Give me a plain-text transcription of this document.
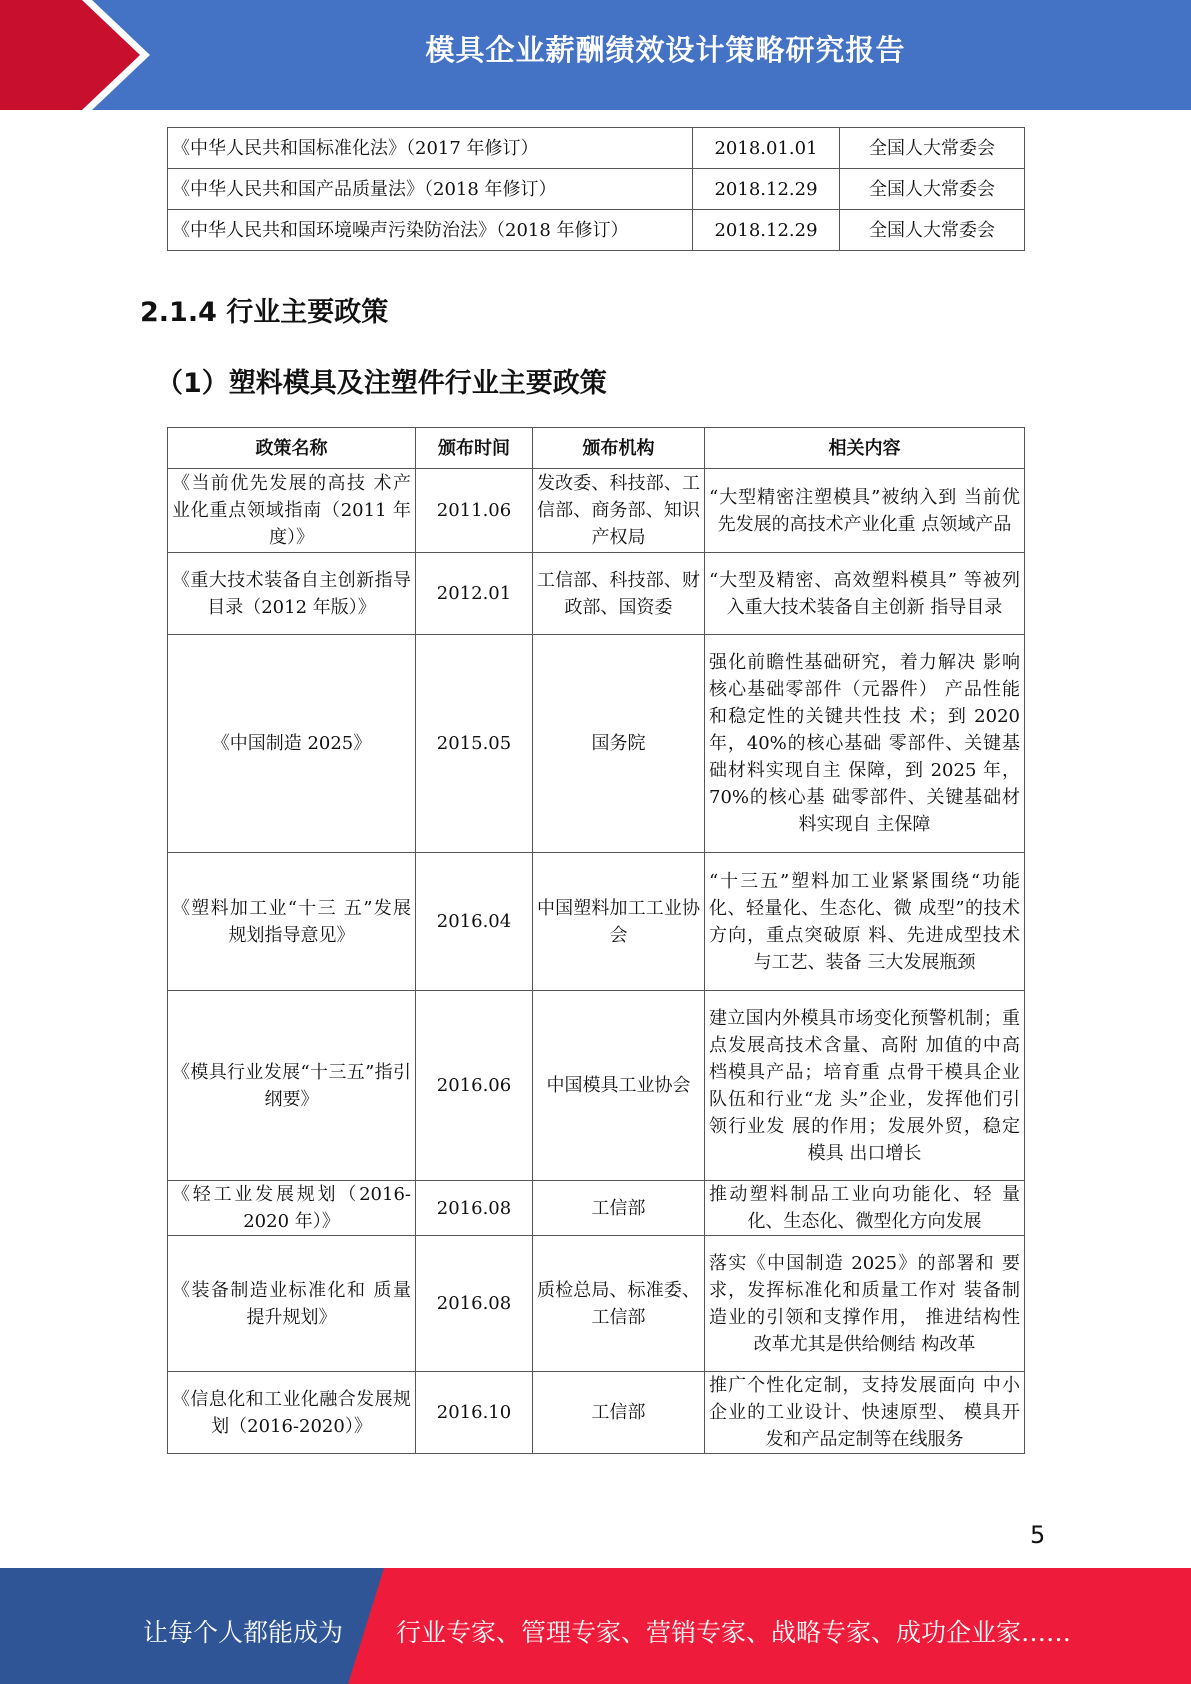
模具企业薪酬绩效设计策略研究报告
《中华人民共和国标准化法》（2017 年修订）	2018.01.01	全国人大常委会
《中华人民共和国产品质量法》（2018 年修订）	2018.12.29	全国人大常委会
《中华人民共和国环境噪声污染防治法》（2018 年修订）	2018.12.29	全国人大常委会
2.1.4 行业主要政策
（1）塑料模具及注塑件行业主要政策
政策名称	颁布时间	颁布机构	相关内容
《当前优先发展的高技 术产业化重点领域指南（2011 年度）》	2011.06	发改委、科技部、工信部、商务部、知识产权局	“大型精密注塑模具”被纳入到 当前优先发展的高技术产业化重 点领域产品
《重大技术装备自主创新指导目录（2012 年版）》	2012.01	工信部、科技部、财政部、国资委	“大型及精密、高效塑料模具” 等被列入重大技术装备自主创新 指导目录
《中国制造 2025》	2015.05	国务院	强化前瞻性基础研究，着力解决 影响核心基础零部件（元器件） 产品性能和稳定性的关键共性技 术；到 2020 年，40%的核心基础 零部件、关键基础材料实现自主 保障，到 2025 年，70%的核心基 础零部件、关键基础材料实现自 主保障
《塑料加工业“十三 五”发展规划指导意见》	2016.04	中国塑料加工工业协会	“十三五”塑料加工业紧紧围绕“功能化、轻量化、生态化、微 成型”的技术方向，重点突破原 料、先进成型技术与工艺、装备 三大发展瓶颈
《模具行业发展“十三五”指引纲要》	2016.06	中国模具工业协会	建立国内外模具市场变化预警机制；重点发展高技术含量、高附 加值的中高档模具产品；培育重 点骨干模具企业队伍和行业“龙 头”企业，发挥他们引领行业发 展的作用；发展外贸，稳定模具 出口增长
《轻工业发展规划（2016-2020 年）》	2016.08	工信部	推动塑料制品工业向功能化、轻 量化、生态化、微型化方向发展
《装备制造业标准化和 质量提升规划》	2016.08	质检总局、标准委、工信部	落实《中国制造 2025》的部署和 要求，发挥标准化和质量工作对 装备制造业的引领和支撑作用， 推进结构性改革尤其是供给侧结 构改革
《信息化和工业化融合发展规划（2016-2020）》	2016.10	工信部	推广个性化定制，支持发展面向 中小企业的工业设计、快速原型、 模具开发和产品定制等在线服务
5
让每个人都能成为 行业专家、管理专家、营销专家、战略专家、成功企业家……
